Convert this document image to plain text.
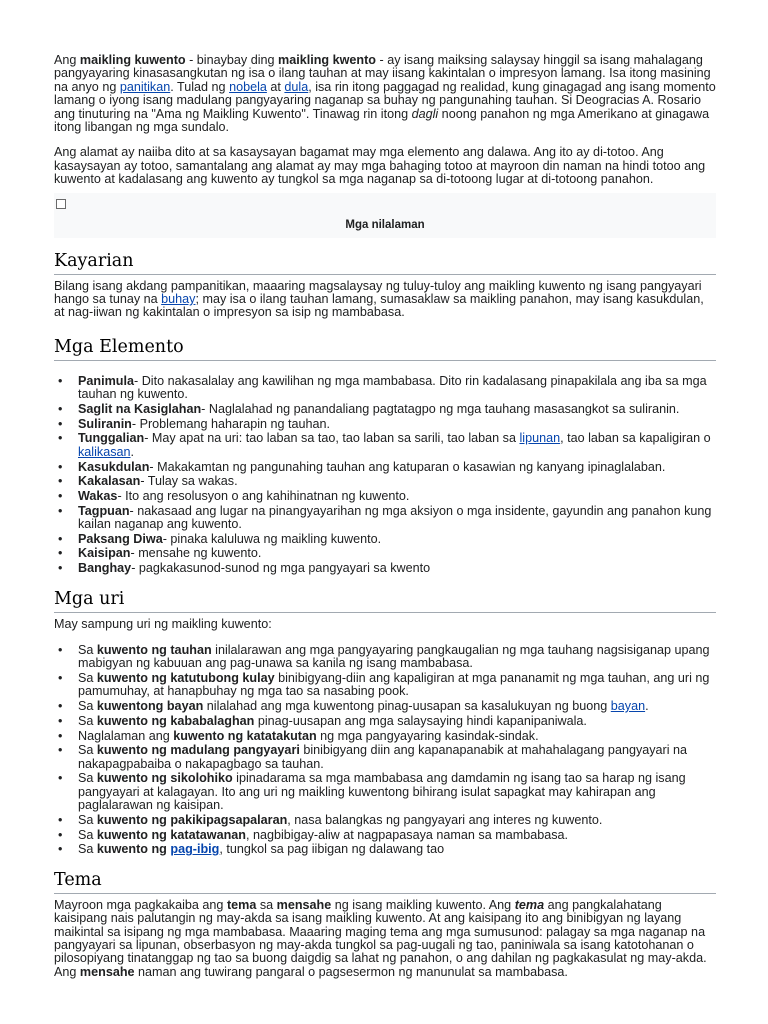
Ang maikling kuwento - binaybay ding maikling kwento - ay isang maiksing salaysay hinggil sa isang mahalagang pangyayaring kinasasangkutan ng isa o ilang tauhan at may iisang kakintalan o impresyon lamang. Isa itong masining na anyo ng panitikan. Tulad ng nobela at dula, isa rin itong paggagad ng realidad, kung ginagagad ang isang momento lamang o iyong isang madulang pangyayaring naganap sa buhay ng pangunahing tauhan. Si Deogracias A. Rosario ang tinuturing na "Ama ng Maikling Kuwento". Tinawag rin itong dagli noong panahon ng mga Amerikano at ginagawa itong libangan ng mga sundalo.

Ang alamat ay naiiba dito at sa kasaysayan bagamat may mga elemento ang dalawa. Ang ito ay di-totoo. Ang kasaysayan ay totoo, samantalang ang alamat ay may mga bahaging totoo at mayroon din naman na hindi totoo ang kuwento at kadalasang ang kuwento ay tungkol sa mga naganap sa di-totoong lugar at di-totoong panahon.

Mga nilalaman
Kayarian

Bilang isang akdang pampanitikan, maaaring magsalaysay ng tuluy-tuloy ang maikling kuwento ng isang pangyayari hango sa tunay na buhay; may isa o ilang tauhan lamang, sumasaklaw sa maikling panahon, may isang kasukdulan, at nag-iiwan ng kakintalan o impresyon sa isip ng mambabasa.

Mga Elemento
• Panimula- Dito nakasalalay ang kawilihan ng mga mambabasa. Dito rin kadalasang pinapakilala ang iba sa mga tauhan ng kuwento.
• Saglit na Kasiglahan- Naglalahad ng panandaliang pagtatagpo ng mga tauhang masasangkot sa suliranin.
• Suliranin- Problemang haharapin ng tauhan.
• Tunggalian- May apat na uri: tao laban sa tao, tao laban sa sarili, tao laban sa lipunan, tao laban sa kapaligiran o kalikasan.
• Kasukdulan- Makakamtan ng pangunahing tauhan ang katuparan o kasawian ng kanyang ipinaglalaban.
• Kakalasan- Tulay sa wakas.
• Wakas- Ito ang resolusyon o ang kahihinatnan ng kuwento.
• Tagpuan- nakasaad ang lugar na pinangyayarihan ng mga aksiyon o mga insidente, gayundin ang panahon kung kailan naganap ang kuwento.
• Paksang Diwa- pinaka kaluluwa ng maikling kuwento.
• Kaisipan- mensahe ng kuwento.
• Banghay- pagkakasunod-sunod ng mga pangyayari sa kwento
Mga uri

May sampung uri ng maikling kuwento:

• Sa kuwento ng tauhan inilalarawan ang mga pangyayaring pangkaugalian ng mga tauhang nagsisiganap upang mabigyan ng kabuuan ang pag-unawa sa kanila ng isang mambabasa.
• Sa kuwento ng katutubong kulay binibigyang-diin ang kapaligiran at mga pananamit ng mga tauhan, ang uri ng pamumuhay, at hanapbuhay ng mga tao sa nasabing pook.
• Sa kuwentong bayan nilalahad ang mga kuwentong pinag-uusapan sa kasalukuyan ng buong bayan.
• Sa kuwento ng kababalaghan pinag-uusapan ang mga salaysaying hindi kapanipaniwala.
• Naglalaman ang kuwento ng katatakutan ng mga pangyayaring kasindak-sindak.
• Sa kuwento ng madulang pangyayari binibigyang diin ang kapanapanabik at mahahalagang pangyayari na nakapagpabaiba o nakapagbago sa tauhan.
• Sa kuwento ng sikolohiko ipinadarama sa mga mambabasa ang damdamin ng isang tao sa harap ng isang pangyayari at kalagayan. Ito ang uri ng maikling kuwentong bihirang isulat sapagkat may kahirapan ang paglalarawan ng kaisipan.
• Sa kuwento ng pakikipagsapalaran, nasa balangkas ng pangyayari ang interes ng kuwento.
• Sa kuwento ng katatawanan, nagbibigay-aliw at nagpapasaya naman sa mambabasa.
• Sa kuwento ng pag-ibig, tungkol sa pag iibigan ng dalawang tao
Tema

Mayroon mga pagkakaiba ang tema sa mensahe ng isang maikling kuwento. Ang tema ang pangkalahatang kaisipang nais palutangin ng may-akda sa isang maikling kuwento. At ang kaisipang ito ang binibigyan ng layang maikintal sa isipang ng mga mambabasa. Maaaring maging tema ang mga sumusunod: palagay sa mga naganap na pangyayari sa lipunan, obserbasyon ng may-akda tungkol sa pag-uugali ng tao, paniniwala sa isang katotohanan o pilosopiyang tinatanggap ng tao sa buong daigdig sa lahat ng panahon, o ang dahilan ng pagkakasulat ng may-akda. Ang mensahe naman ang tuwirang pangaral o pagsesermon ng manunulat sa mambabasa.
